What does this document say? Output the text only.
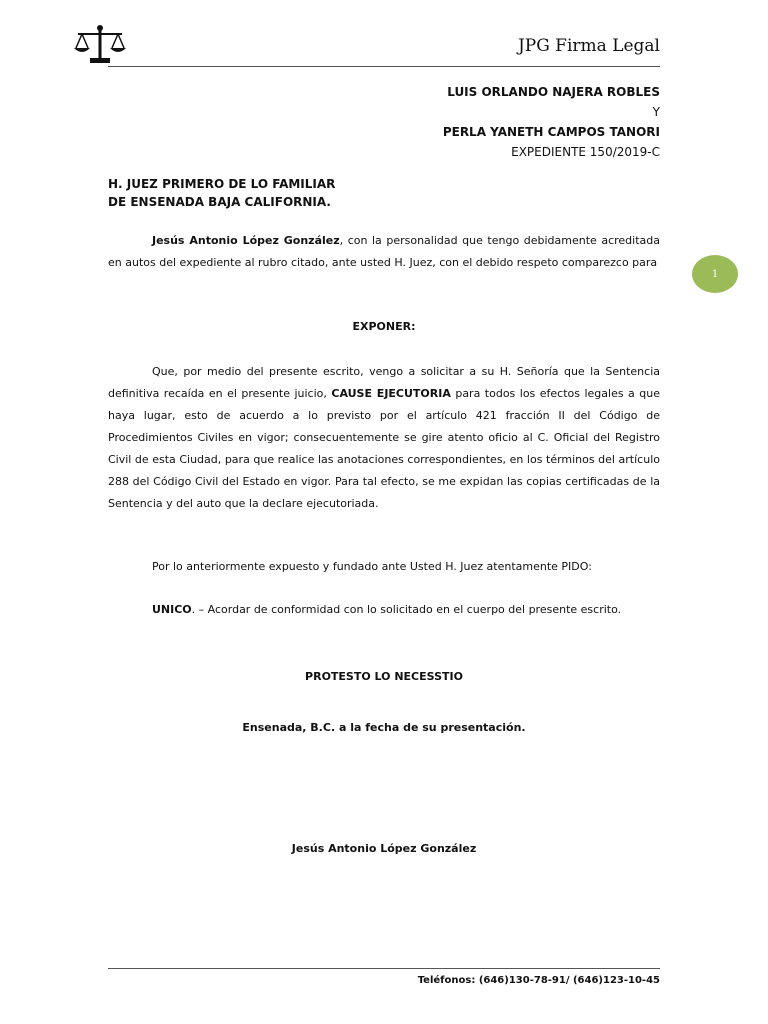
JPG Firma Legal
LUIS ORLANDO NAJERA ROBLES
Y
PERLA YANETH CAMPOS TANORI
EXPEDIENTE 150/2019-C
H. JUEZ PRIMERO DE LO FAMILIAR
DE ENSENADA BAJA CALIFORNIA.
Jesús Antonio López González, con la personalidad que tengo debidamente acreditada en autos del expediente al rubro citado, ante usted H. Juez, con el debido respeto comparezco para
EXPONER:
Que, por medio del presente escrito, vengo a solicitar a su H. Señoría que la Sentencia definitiva recaída en el presente juicio, CAUSE EJECUTORIA para todos los efectos legales a que haya lugar, esto de acuerdo a lo previsto por el artículo 421 fracción II del Código de Procedimientos Civiles en vigor; consecuentemente se gire atento oficio al C. Oficial del Registro Civil de esta Ciudad, para que realice las anotaciones correspondientes, en los términos del artículo 288 del Código Civil del Estado en vigor. Para tal efecto, se me expidan las copias certificadas de la Sentencia y del auto que la declare ejecutoriada.
Por lo anteriormente expuesto y fundado ante Usted H. Juez atentamente PIDO:
UNICO. – Acordar de conformidad con lo solicitado en el cuerpo del presente escrito.
PROTESTO LO NECESSTIO
Ensenada, B.C. a la fecha de su presentación.
Jesús Antonio López González
1
Teléfonos: (646)130-78-91/ (646)123-10-45
